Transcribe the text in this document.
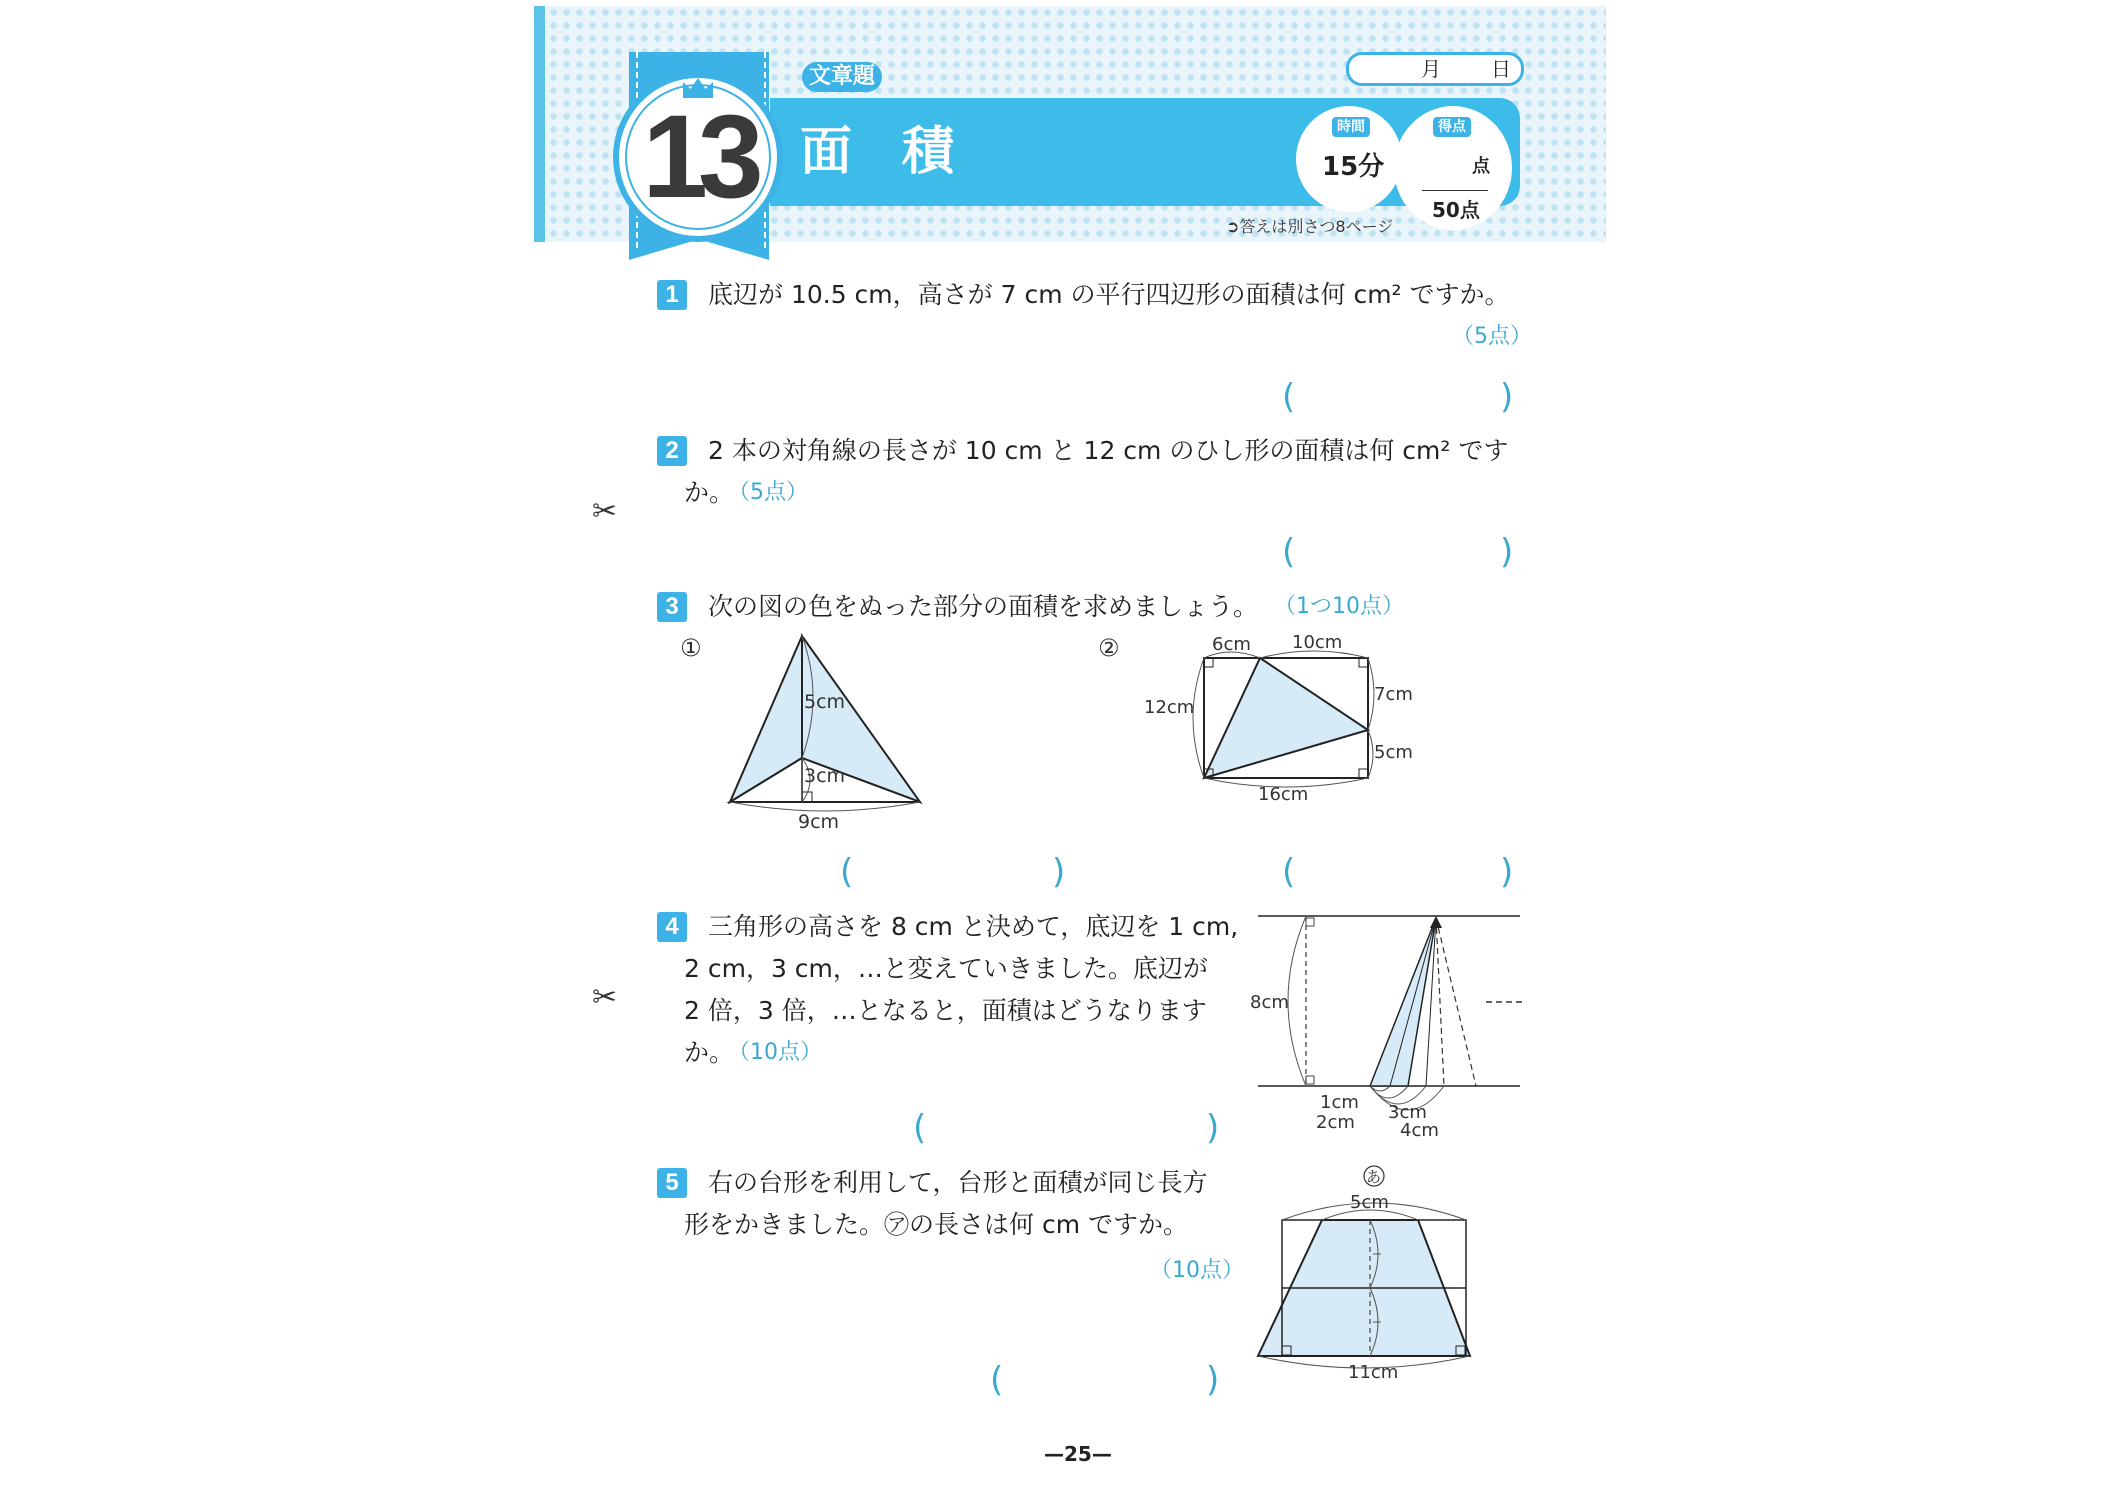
13
文章題
面積
月	日
時間
15分
得点
点
50点
➲答えは別さつ8ページ
1	底辺が 10.5 cm，高さが 7 cm の平行四辺形の面積は何 cm² ですか。
（5点）
(	)
2	2 本の対角線の長さが 10 cm と 12 cm のひし形の面積は何 cm² です
か。
（5点）
✂
(	)
3	次の図の色をぬった部分の面積を求めましょう。 （1つ10点）
①	②
5cm
3cm
9cm
6cm 10cm
12cm
7cm
5cm
16cm
(	)	(	)
4	三角形の高さを 8 cm と決めて，底辺を 1 cm,
2 cm，3 cm，…と変えていきました。底辺が
2 倍，3 倍，…となると，面積はどうなります
か。
（10点）
✂
(	)
8cm
1cm
2cm 3cm
4cm
5	右の台形を利用して，台形と面積が同じ長方
形をかきました。㋐の長さは何 cm ですか。
（10点）
(	)
あ
5cm
11cm
—25—
